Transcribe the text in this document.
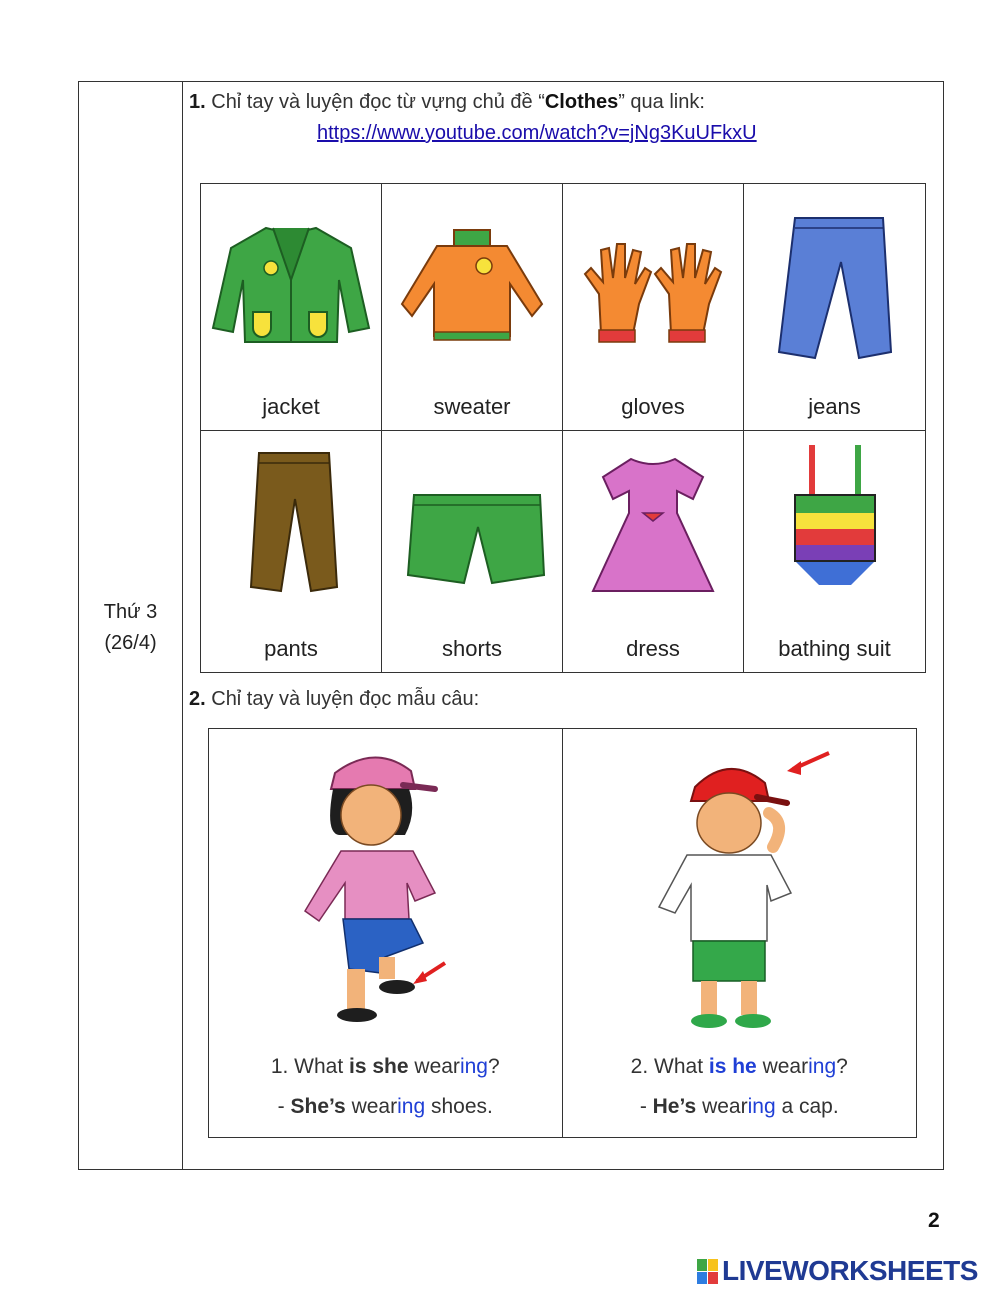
Thứ 3
(26/4)
1. Chỉ tay và luyện đọc từ vựng chủ đề “Clothes” qua link:
https://www.youtube.com/watch?v=jNg3KuUFkxU
jacket	sweater	gloves	jeans
pants	shorts	dress	bathing suit
2. Chỉ tay và luyện đọc mẫu câu:
1. What is she wearing?
- She’s wearing shoes.
2. What is he wearing?
- He’s wearing a cap.
2
LIVEWORKSHEETS
